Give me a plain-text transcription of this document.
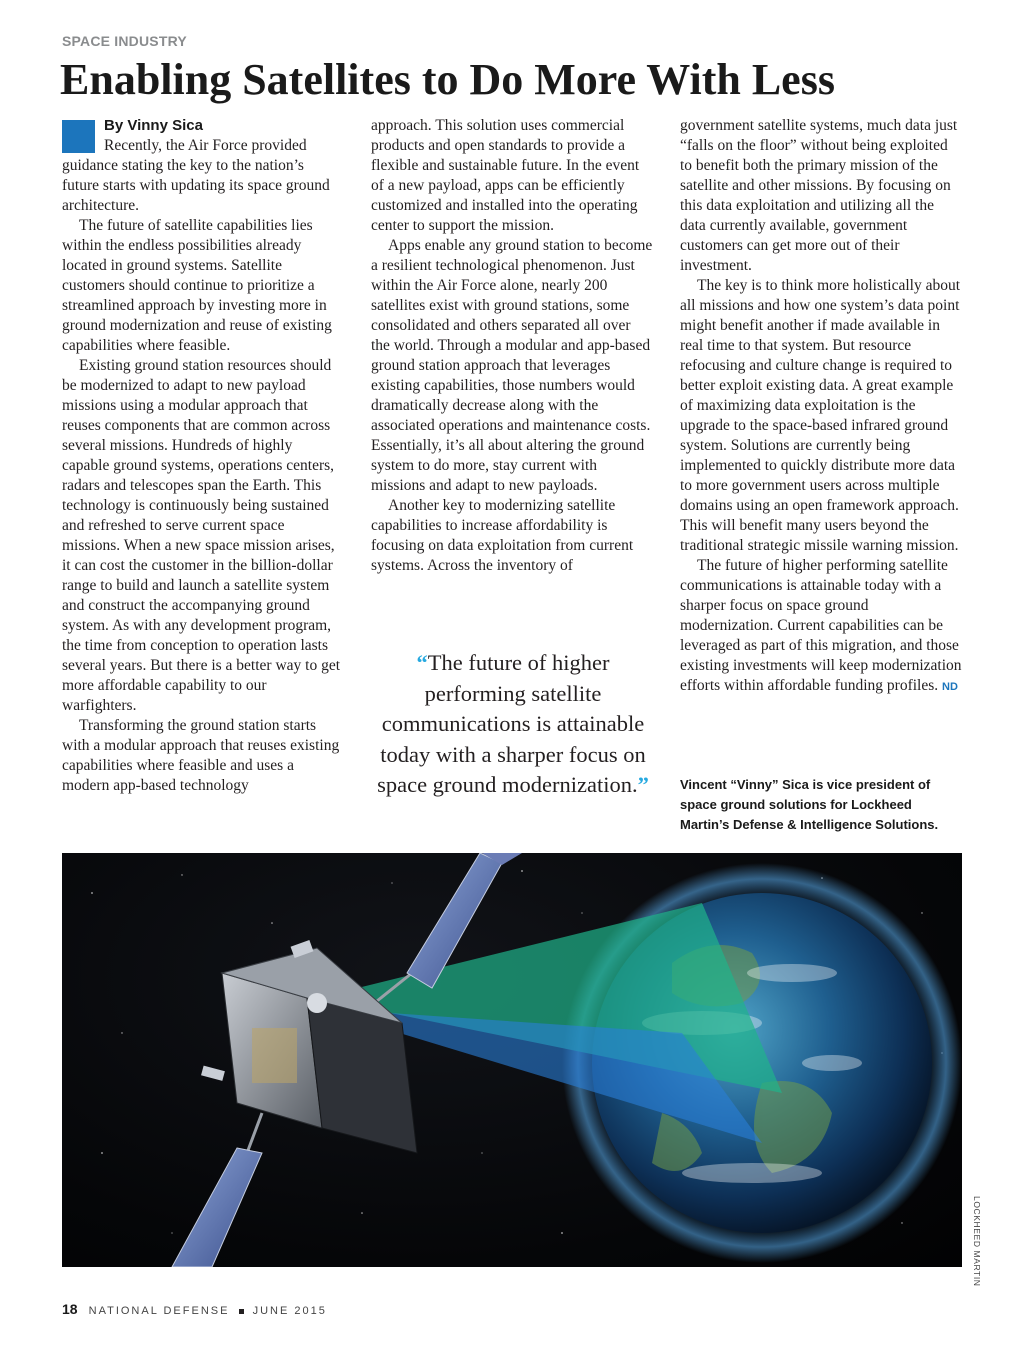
SPACE INDUSTRY
Enabling Satellites to Do More With Less
By Vinny Sica

Recently, the Air Force provided guidance stating the key to the nation’s future starts with updating its space ground architecture.

The future of satellite capabilities lies within the endless possibilities already located in ground systems. Satellite customers should continue to prioritize a streamlined approach by investing more in ground modernization and reuse of existing capabilities where feasible.

Existing ground station resources should be modernized to adapt to new payload missions using a modular approach that reuses components that are common across several missions. Hundreds of highly capable ground systems, operations centers, radars and telescopes span the Earth. This technology is continuously being sustained and refreshed to serve current space missions. When a new space mission arises, it can cost the customer in the billion-dollar range to build and launch a satellite system and construct the accompanying ground system. As with any development program, the time from conception to operation lasts several years. But there is a better way to get more affordable capability to our warfighters.

Transforming the ground station starts with a modular approach that reuses existing capabilities where feasible and uses a modern app-based technology

approach. This solution uses commercial products and open standards to provide a flexible and sustainable future. In the event of a new payload, apps can be efficiently customized and installed into the operating center to support the mission.

Apps enable any ground station to become a resilient technological phenomenon. Just within the Air Force alone, nearly 200 satellites exist with ground stations, some consolidated and others separated all over the world. Through a modular and app-based ground station approach that leverages existing capabilities, those numbers would dramatically decrease along with the associated operations and maintenance costs. Essentially, it’s all about altering the ground system to do more, stay current with missions and adapt to new payloads.

Another key to modernizing satellite capabilities to increase affordability is focusing on data exploitation from current systems. Across the inventory of

“The future of higher performing satellite communications is attainable today with a sharper focus on space ground modernization.”

government satellite systems, much data just “falls on the floor” without being exploited to benefit both the primary mission of the satellite and other missions. By focusing on this data exploitation and utilizing all the data currently available, government customers can get more out of their investment.

The key is to think more holistically about all missions and how one system’s data point might benefit another if made available in real time to that system. But resource refocusing and culture change is required to better exploit existing data. A great example of maximizing data exploitation is the upgrade to the space-based infrared ground system. Solutions are currently being implemented to quickly distribute more data to more government users across multiple domains using an open framework approach. This will benefit many users beyond the traditional strategic missile warning mission.

The future of higher performing satellite communications is attainable today with a sharper focus on space ground modernization. Current capabilities can be leveraged as part of this migration, and those existing investments will keep modernization efforts within affordable funding profiles. ND

Vincent “Vinny” Sica is vice president of space ground solutions for Lockheed Martin’s Defense & Intelligence Solutions.
LOCKHEED MARTIN
18 NATIONAL DEFENSE JUNE 2015
